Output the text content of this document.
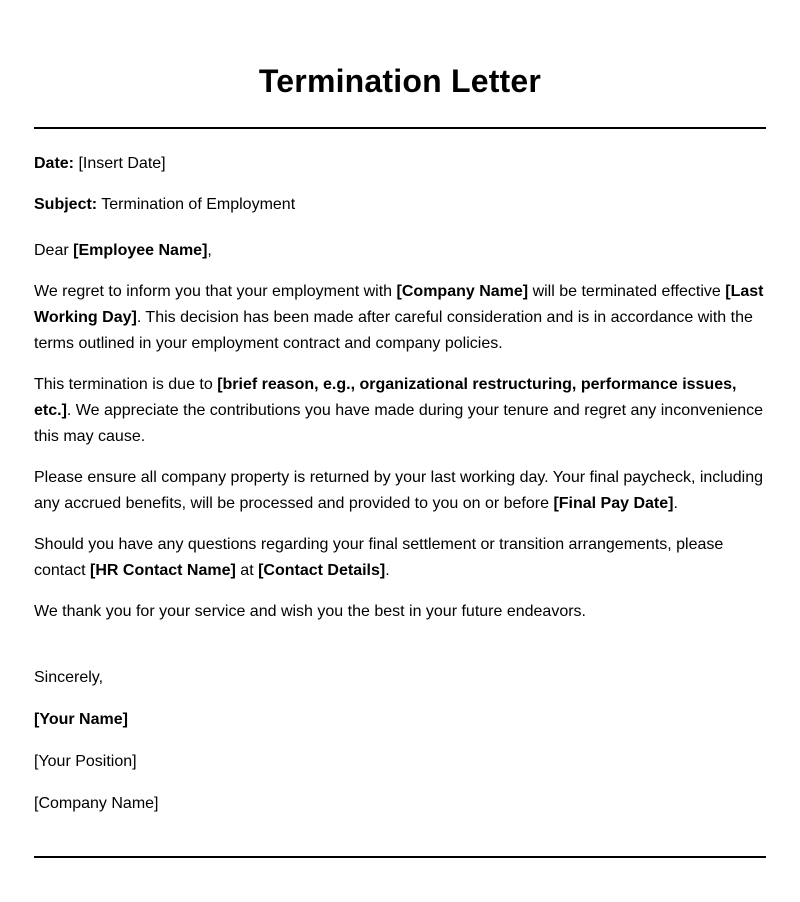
Termination Letter

Date: [Insert Date]

Subject: Termination of Employment

Dear [Employee Name],

We regret to inform you that your employment with [Company Name] will be terminated effective [Last Working Day]. This decision has been made after careful consideration and is in accordance with the terms outlined in your employment contract and company policies.

This termination is due to [brief reason, e.g., organizational restructuring, performance issues, etc.]. We appreciate the contributions you have made during your tenure and regret any inconvenience this may cause.

Please ensure all company property is returned by your last working day. Your final paycheck, including any accrued benefits, will be processed and provided to you on or before [Final Pay Date].

Should you have any questions regarding your final settlement or transition arrangements, please contact [HR Contact Name] at [Contact Details].

We thank you for your service and wish you the best in your future endeavors.

Sincerely,

[Your Name]

[Your Position]

[Company Name]
